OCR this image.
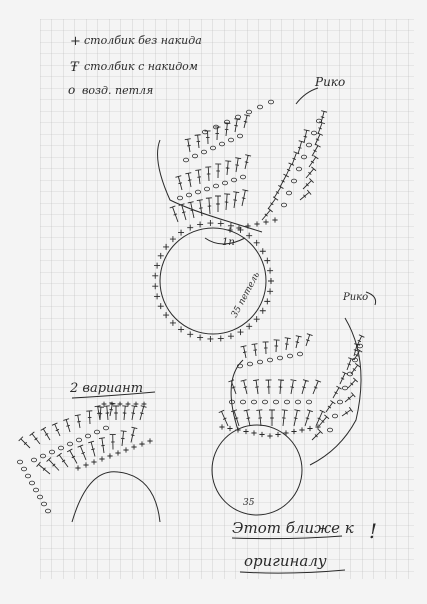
+ столбик без накида
Ŧ столбик с накидом
o возд. петля
Рико
1п
35 петель	Рико
35
2 вариант
Этот ближе к !
оригиналу
